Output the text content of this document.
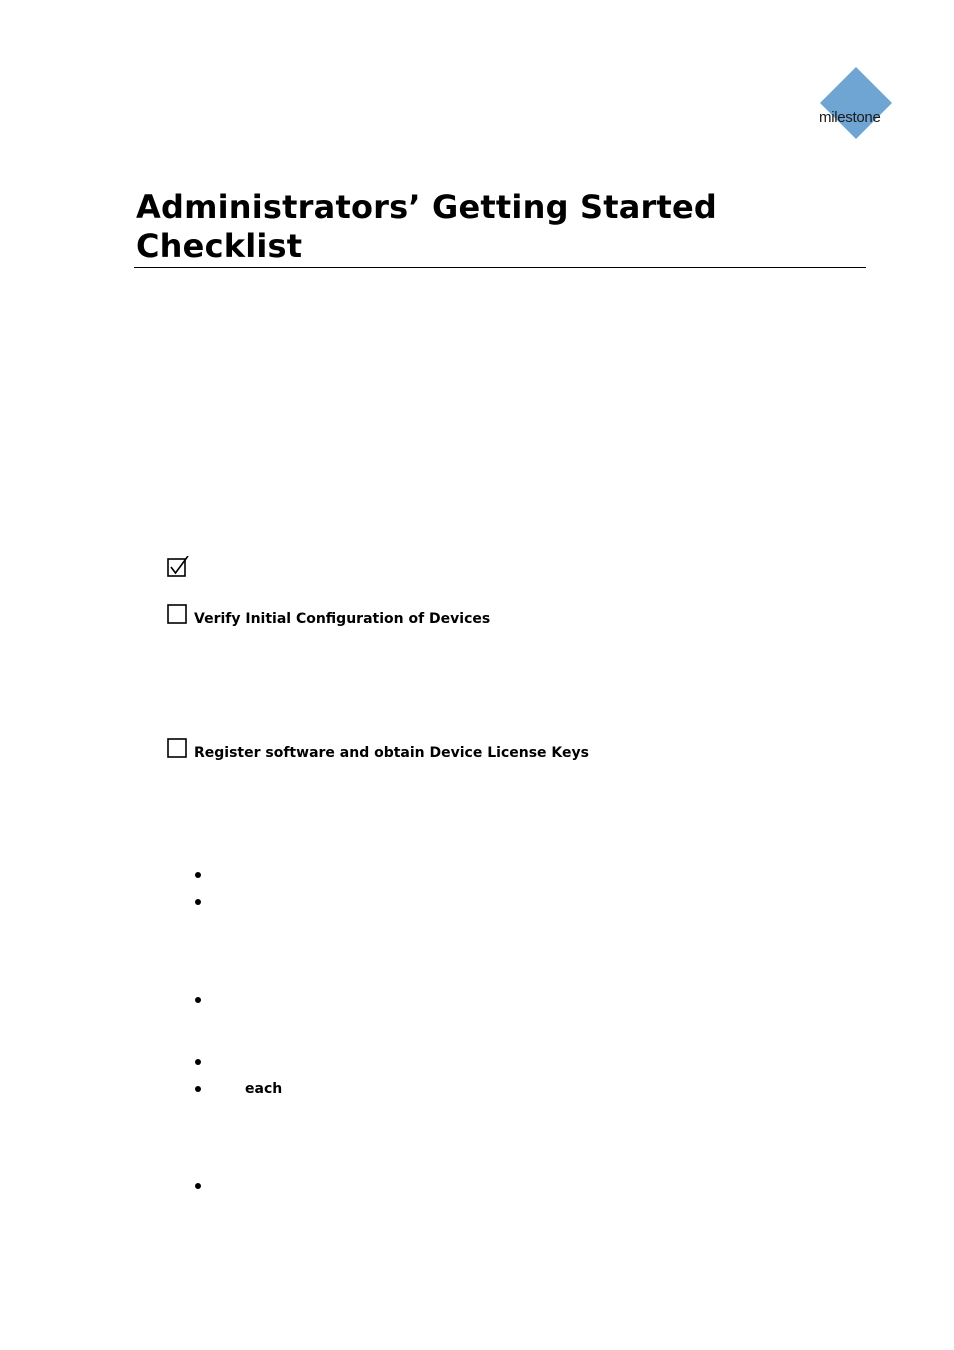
milestone
Administrators’ Getting Started Checklist
Verify Initial Configuration of Devices
Register software and obtain Device License Keys
each
